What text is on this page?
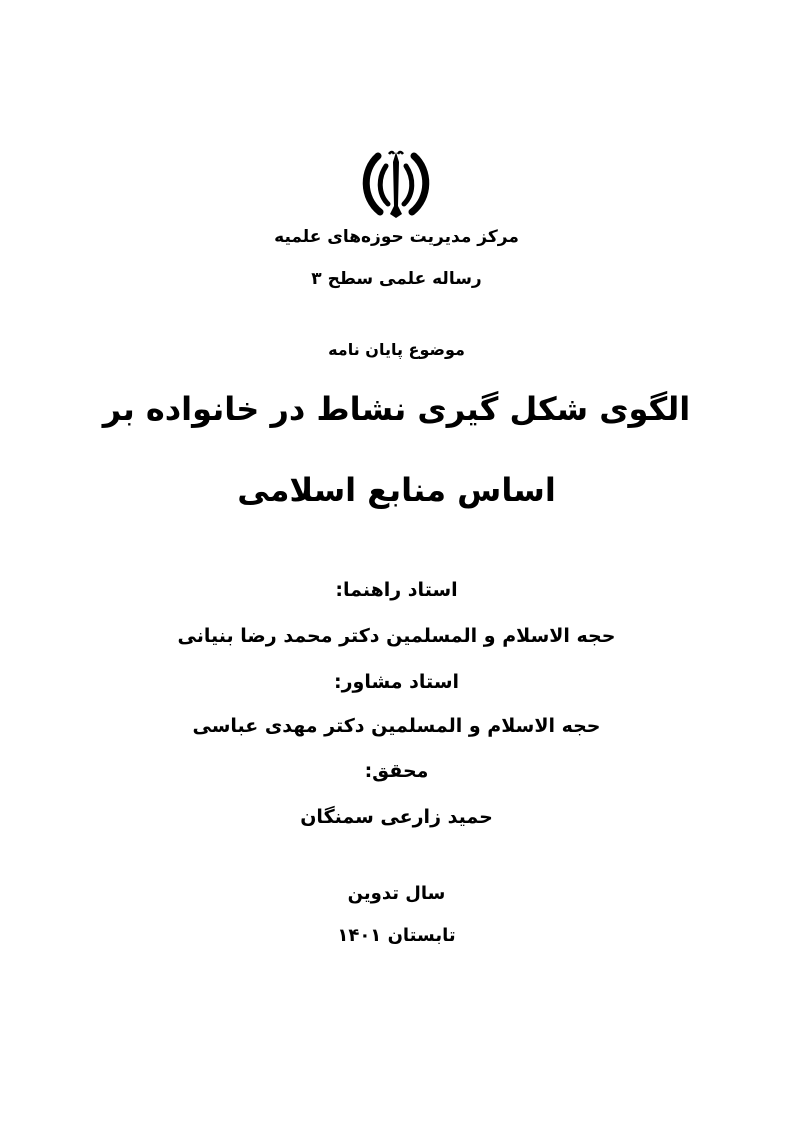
مرکز مدیریت حوزه‌های علمیه
رساله علمی سطح ۳
موضوع پایان نامه
الگوی شکل گیری نشاط در خانواده بر
اساس منابع اسلامی
استاد راهنما:
حجه الاسلام و المسلمین دکتر محمد رضا بنیانی
استاد مشاور:
حجه الاسلام و المسلمین دکتر مهدی عباسی
محقق:
حمید زارعی سمنگان
سال تدوین
تابستان ۱۴۰۱
